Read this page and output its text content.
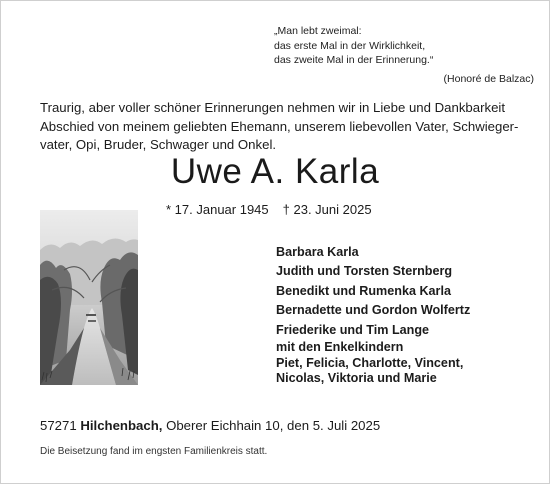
„Man lebt zweimal:
das erste Mal in der Wirklichkeit,
das zweite Mal in der Erinnerung.“
(Honoré de Balzac)
Traurig, aber voller schöner Erinnerungen nehmen wir in Liebe und Dankbarkeit
Abschied von meinem geliebten Ehemann, unserem liebevollen Vater, Schwieger-
vater, Opi, Bruder, Schwager und Onkel.
Uwe A. Karla
* 17. Januar 1945 † 23. Juni 2025
Barbara Karla
Judith und Torsten Sternberg
Benedikt und Rumenka Karla
Bernadette und Gordon Wolfertz
Friederike und Tim Lange
mit den Enkelkindern
Piet, Felicia, Charlotte, Vincent,
Nicolas, Viktoria und Marie
57271 Hilchenbach, Oberer Eichhain 10, den 5. Juli 2025
Die Beisetzung fand im engsten Familienkreis statt.
